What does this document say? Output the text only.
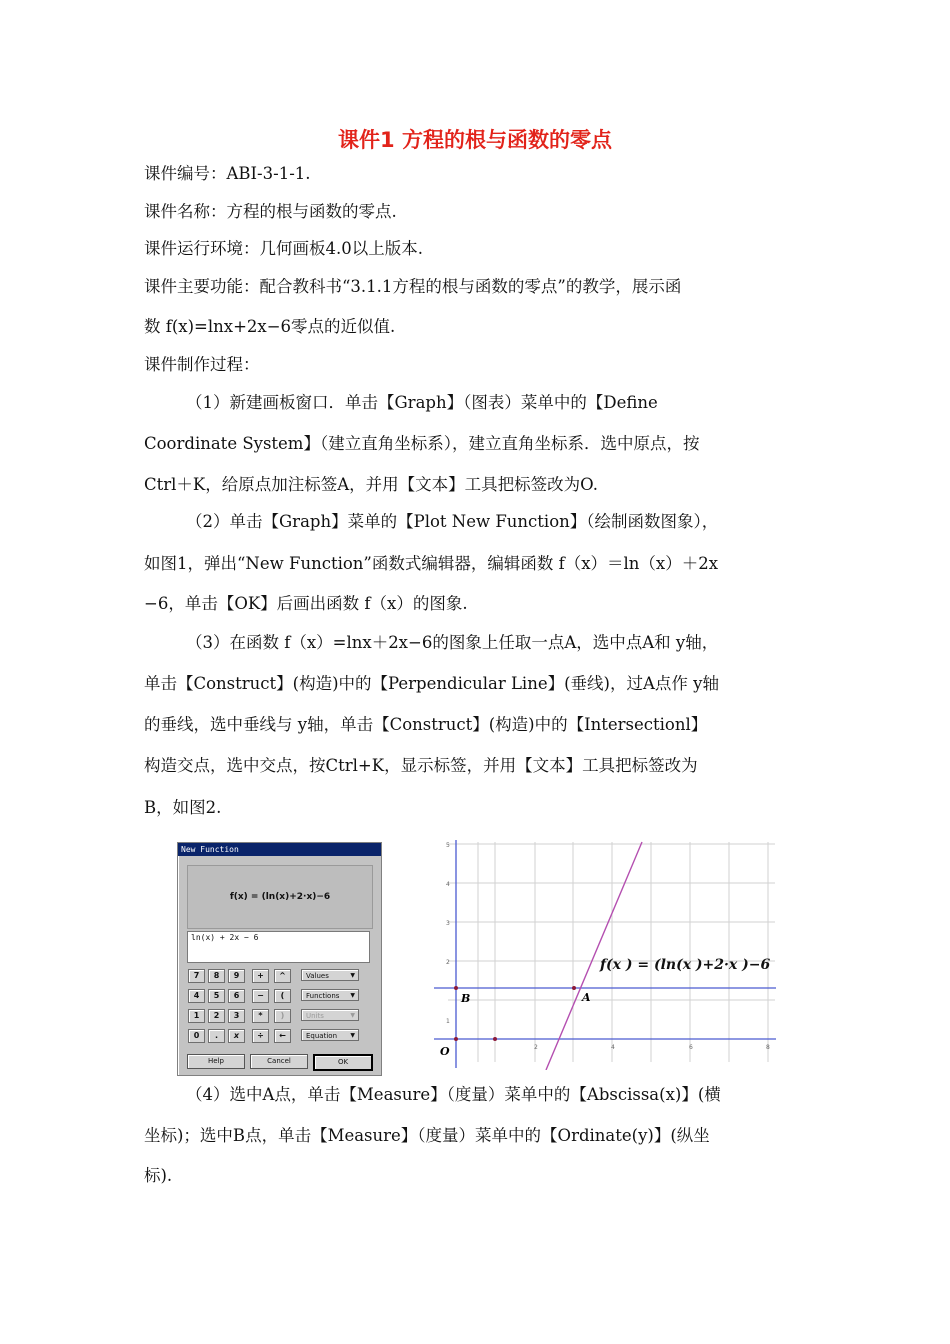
课件1 方程的根与函数的零点
课件编号：ABⅠ-3-1-1.
课件名称：方程的根与函数的零点.
课件运行环境：几何画板4.0以上版本.
课件主要功能：配合教科书“3.1.1方程的根与函数的零点”的教学，展示函
数 f(x)=lnx+2x−6零点的近似值.
课件制作过程：
（1）新建画板窗口．单击【Graph】（图表）菜单中的【Define
Coordinate System】（建立直角坐标系），建立直角坐标系．选中原点，按
Ctrl＋K，给原点加注标签A，并用【文本】工具把标签改为O.
（2）单击【Graph】菜单的【Plot New Function】（绘制函数图象），
如图1，弹出“New Function”函数式编辑器，编辑函数 f（x）＝ln（x）＋2x
−6，单击【OK】后画出函数 f（x）的图象.
（3）在函数 f（x）=lnx＋2x−6的图象上任取一点A，选中点A和 y轴，
单击【Construct】(构造)中的【Perpendicular Line】(垂线)，过A点作 y轴
的垂线，选中垂线与 y轴，单击【Construct】(构造)中的【Intersectionl】
构造交点，选中交点，按Ctrl+K，显示标签，并用【文本】工具把标签改为
B，如图2.
（4）选中A点，单击【Measure】（度量）菜单中的【Abscissa(x)】(横
坐标)；选中B点，单击【Measure】（度量）菜单中的【Ordinate(y)】(纵坐
标).
New Function
f(x) = (ln(x)+2·x)−6
ln(x) + 2x − 6
7	8	9	+	^
4	5	6	−	(
1	2	3	*	)
0	.	x	÷	←
Values	▼
Functions ▼
Units	▼
Equation ▼
Help	Cancel	OK
2	4	6	8
1
2
3
4
5
f(x ) = (ln(x )+2·x )−6
A
B
O
